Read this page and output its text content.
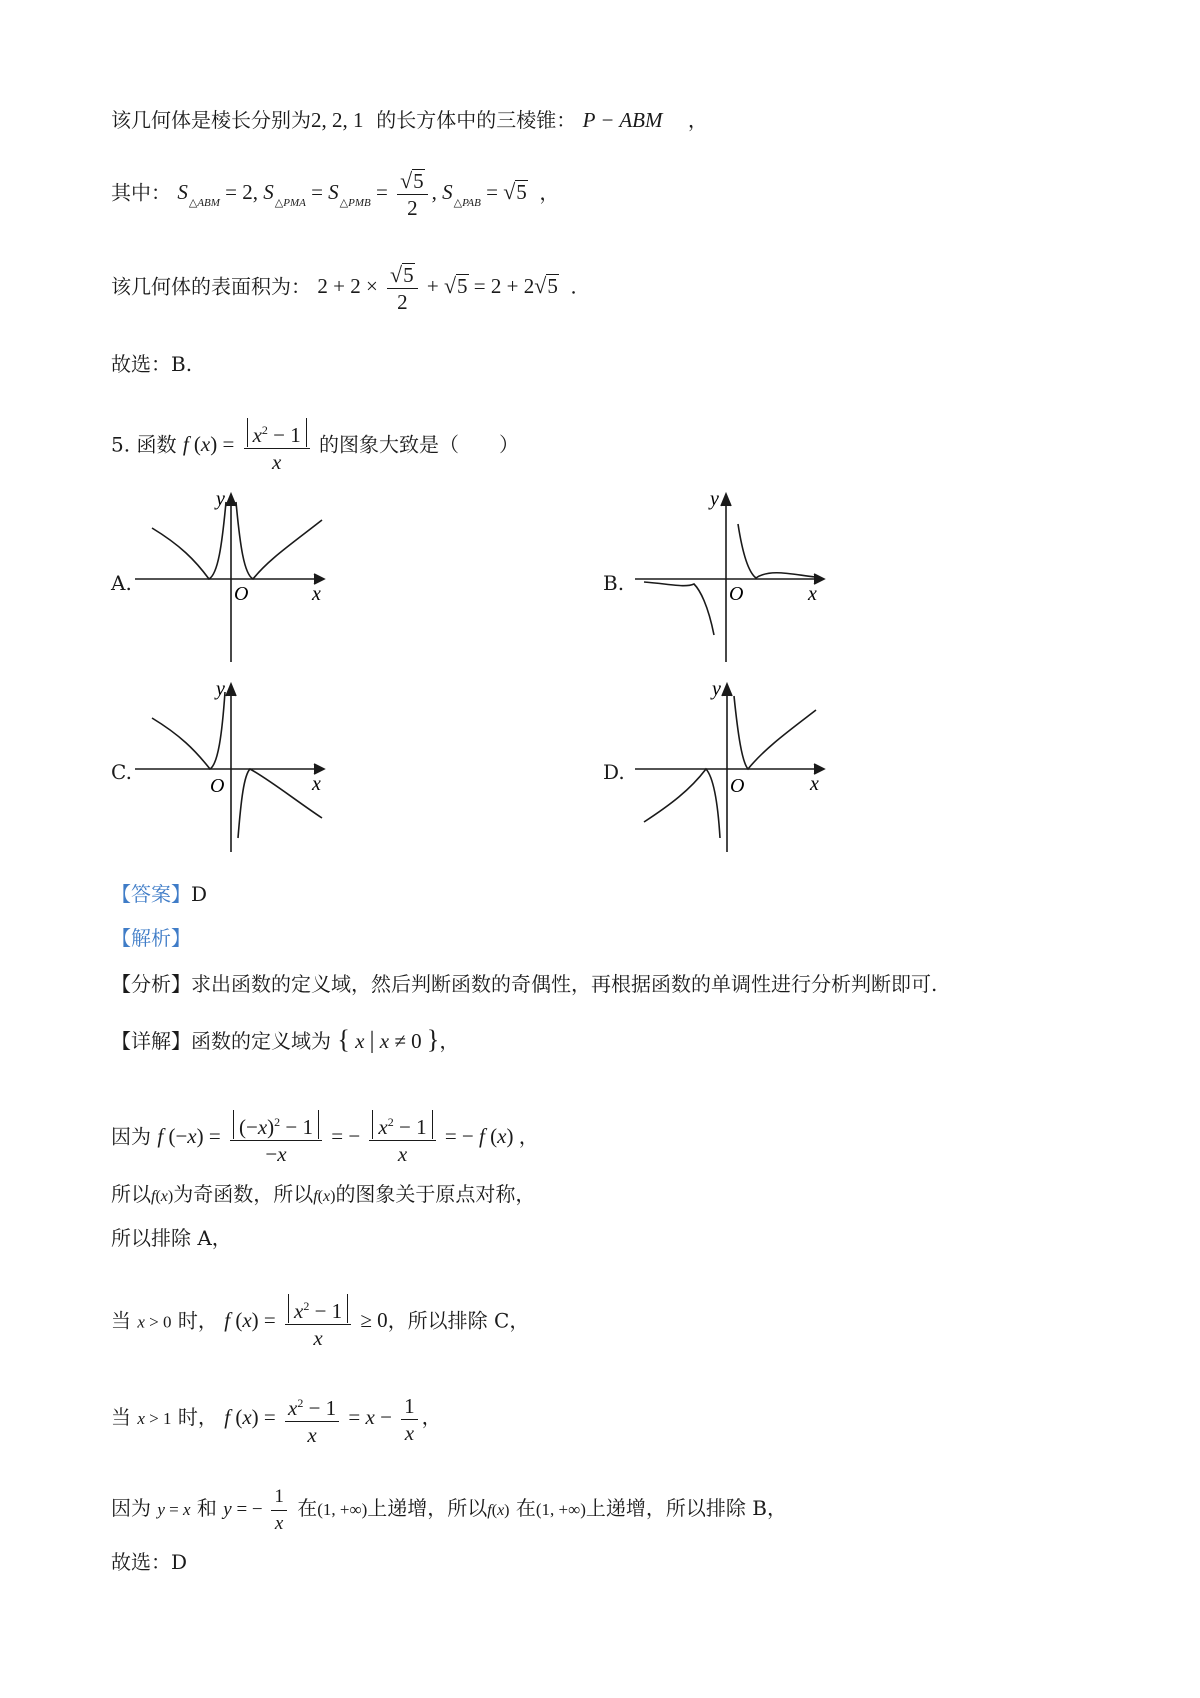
该几何体是棱长分别为2, 2, 1 的长方体中的三棱锥： P − ABM ，
其中： $S_{\triangle ABM} = 2$, $S_{\triangle PMA} = S_{\triangle PMB} = \frac{√5}{2}$ , $S_{\triangle PAB} = √5$ ，
该几何体的表面积为： $2 + 2 \times \frac{√5}{2} + √5 = 2 + 2√5$ .
故选：B.
5. 函数 f $(x) = \frac{x^2 - 1}{x}$ 的图象大致是（　　）
A.	B.
C.	D.
y
O	x
y
O	x
y
O	x
y
O	x
【答案】D
【解析】
【分析】求出函数的定义域，然后判断函数的奇偶性，再根据函数的单调性进行分析判断即可.
【详解】函数的定义域为 { x | x ≠ 0 }，
因为 f $(-x) = \frac{(-x)^2 - 1}{-x}$ = − $\frac{x^2 - 1}{x}$ = − f (x) ，
所以f(x)为奇函数，所以f(x)的图象关于原点对称，
所以排除 A，
当 x > 0 时， f $(x) = \frac{x^2 - 1}{x} \ge 0$，所以排除 C，
当 x > 1 时， f $(x) = \frac{x^2 - 1}{x} = x - \frac{1}{x}$ ，
因为 y = x 和 y = − $\frac{1}{x}$ 在(1, +∞)上递增，所以f(x) 在(1, +∞)上递增，所以排除 B，
故选：D
